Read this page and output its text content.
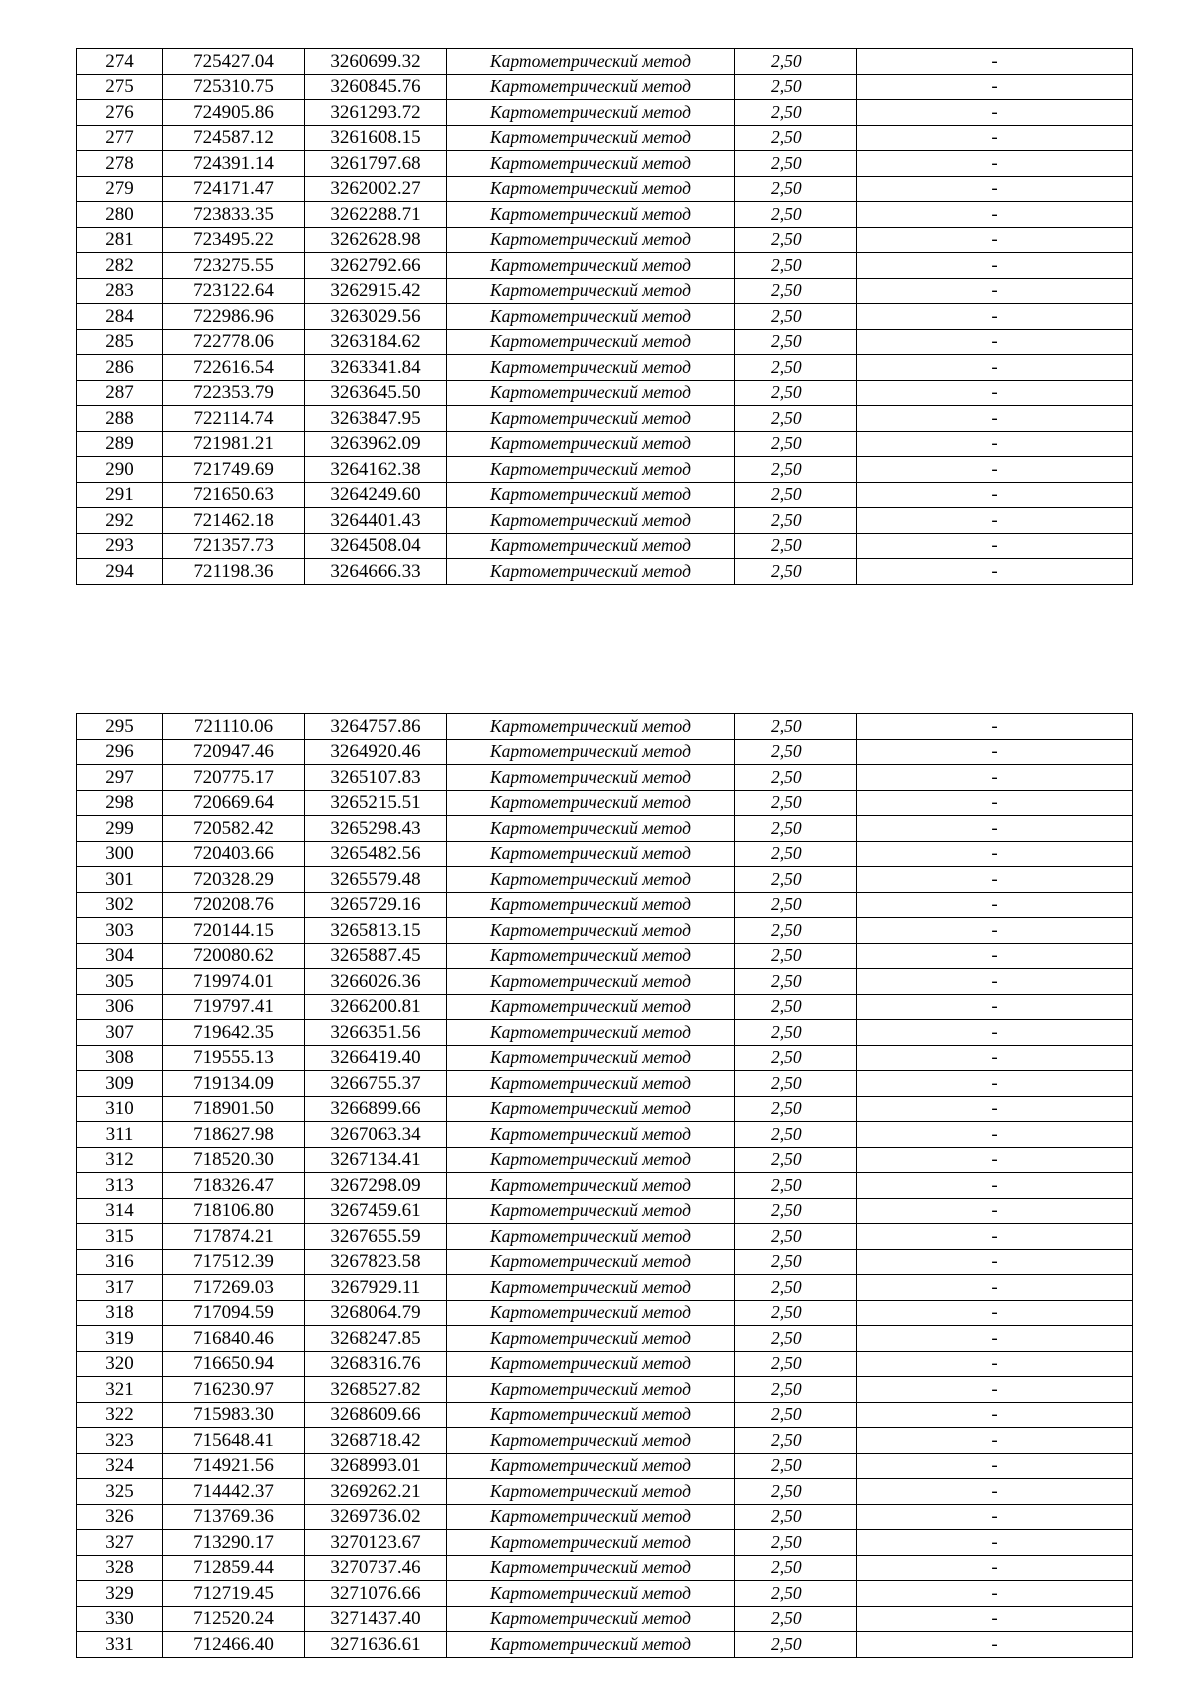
274	725427.04	3260699.32	Картометрический метод	2,50	-
275	725310.75	3260845.76	Картометрический метод	2,50	-
276	724905.86	3261293.72	Картометрический метод	2,50	-
277	724587.12	3261608.15	Картометрический метод	2,50	-
278	724391.14	3261797.68	Картометрический метод	2,50	-
279	724171.47	3262002.27	Картометрический метод	2,50	-
280	723833.35	3262288.71	Картометрический метод	2,50	-
281	723495.22	3262628.98	Картометрический метод	2,50	-
282	723275.55	3262792.66	Картометрический метод	2,50	-
283	723122.64	3262915.42	Картометрический метод	2,50	-
284	722986.96	3263029.56	Картометрический метод	2,50	-
285	722778.06	3263184.62	Картометрический метод	2,50	-
286	722616.54	3263341.84	Картометрический метод	2,50	-
287	722353.79	3263645.50	Картометрический метод	2,50	-
288	722114.74	3263847.95	Картометрический метод	2,50	-
289	721981.21	3263962.09	Картометрический метод	2,50	-
290	721749.69	3264162.38	Картометрический метод	2,50	-
291	721650.63	3264249.60	Картометрический метод	2,50	-
292	721462.18	3264401.43	Картометрический метод	2,50	-
293	721357.73	3264508.04	Картометрический метод	2,50	-
294	721198.36	3264666.33	Картометрический метод	2,50	-
295	721110.06	3264757.86	Картометрический метод	2,50	-
296	720947.46	3264920.46	Картометрический метод	2,50	-
297	720775.17	3265107.83	Картометрический метод	2,50	-
298	720669.64	3265215.51	Картометрический метод	2,50	-
299	720582.42	3265298.43	Картометрический метод	2,50	-
300	720403.66	3265482.56	Картометрический метод	2,50	-
301	720328.29	3265579.48	Картометрический метод	2,50	-
302	720208.76	3265729.16	Картометрический метод	2,50	-
303	720144.15	3265813.15	Картометрический метод	2,50	-
304	720080.62	3265887.45	Картометрический метод	2,50	-
305	719974.01	3266026.36	Картометрический метод	2,50	-
306	719797.41	3266200.81	Картометрический метод	2,50	-
307	719642.35	3266351.56	Картометрический метод	2,50	-
308	719555.13	3266419.40	Картометрический метод	2,50	-
309	719134.09	3266755.37	Картометрический метод	2,50	-
310	718901.50	3266899.66	Картометрический метод	2,50	-
311	718627.98	3267063.34	Картометрический метод	2,50	-
312	718520.30	3267134.41	Картометрический метод	2,50	-
313	718326.47	3267298.09	Картометрический метод	2,50	-
314	718106.80	3267459.61	Картометрический метод	2,50	-
315	717874.21	3267655.59	Картометрический метод	2,50	-
316	717512.39	3267823.58	Картометрический метод	2,50	-
317	717269.03	3267929.11	Картометрический метод	2,50	-
318	717094.59	3268064.79	Картометрический метод	2,50	-
319	716840.46	3268247.85	Картометрический метод	2,50	-
320	716650.94	3268316.76	Картометрический метод	2,50	-
321	716230.97	3268527.82	Картометрический метод	2,50	-
322	715983.30	3268609.66	Картометрический метод	2,50	-
323	715648.41	3268718.42	Картометрический метод	2,50	-
324	714921.56	3268993.01	Картометрический метод	2,50	-
325	714442.37	3269262.21	Картометрический метод	2,50	-
326	713769.36	3269736.02	Картометрический метод	2,50	-
327	713290.17	3270123.67	Картометрический метод	2,50	-
328	712859.44	3270737.46	Картометрический метод	2,50	-
329	712719.45	3271076.66	Картометрический метод	2,50	-
330	712520.24	3271437.40	Картометрический метод	2,50	-
331	712466.40	3271636.61	Картометрический метод	2,50	-
